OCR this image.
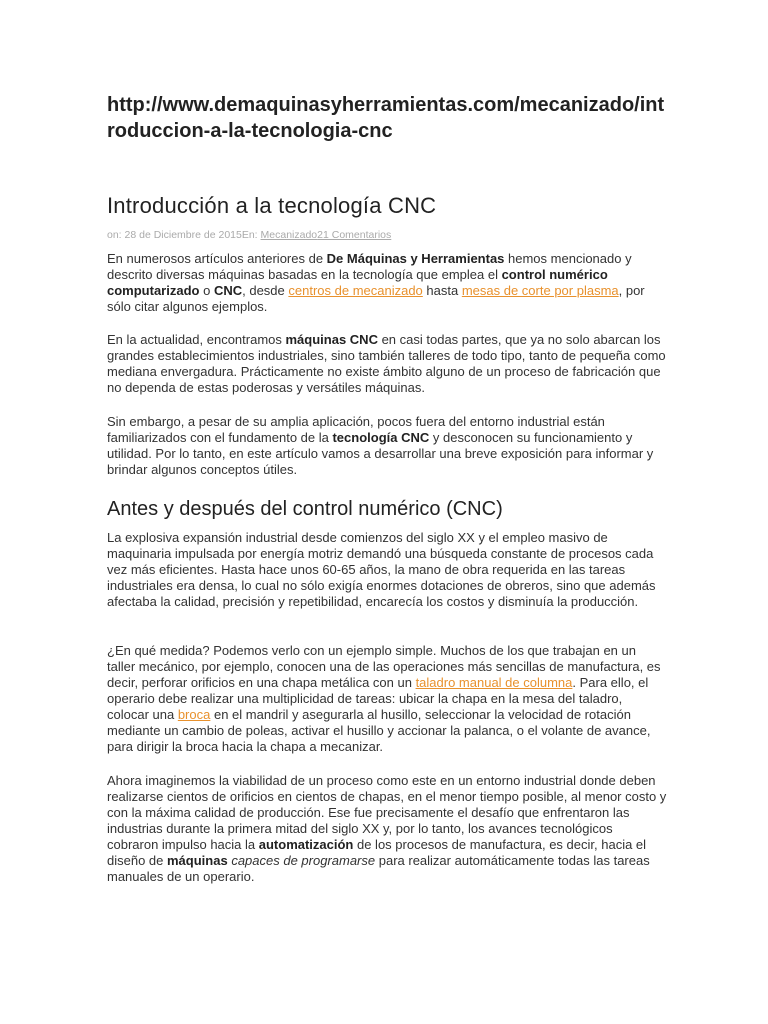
http://www.demaquinasyherramientas.com/mecanizado/introduccion-a-la-tecnologia-cnc
Introducción a la tecnología CNC
on: 28 de Diciembre de 2015En: Mecanizado21 Comentarios

En numerosos artículos anteriores de De Máquinas y Herramientas hemos mencionado y descrito diversas máquinas basadas en la tecnología que emplea el control numérico computarizado o CNC, desde centros de mecanizado hasta mesas de corte por plasma, por sólo citar algunos ejemplos.

En la actualidad, encontramos máquinas CNC en casi todas partes, que ya no solo abarcan los grandes establecimientos industriales, sino también talleres de todo tipo, tanto de pequeña como mediana envergadura. Prácticamente no existe ámbito alguno de un proceso de fabricación que no dependa de estas poderosas y versátiles máquinas.

Sin embargo, a pesar de su amplia aplicación, pocos fuera del entorno industrial están familiarizados con el fundamento de la tecnología CNC y desconocen su funcionamiento y utilidad. Por lo tanto, en este artículo vamos a desarrollar una breve exposición para informar y brindar algunos conceptos útiles.

Antes y después del control numérico (CNC)

La explosiva expansión industrial desde comienzos del siglo XX y el empleo masivo de maquinaria impulsada por energía motriz demandó una búsqueda constante de procesos cada vez más eficientes. Hasta hace unos 60-65 años, la mano de obra requerida en las tareas industriales era densa, lo cual no sólo exigía enormes dotaciones de obreros, sino que además afectaba la calidad, precisión y repetibilidad, encarecía los costos y disminuía la producción.

¿En qué medida? Podemos verlo con un ejemplo simple. Muchos de los que trabajan en un taller mecánico, por ejemplo, conocen una de las operaciones más sencillas de manufactura, es decir, perforar orificios en una chapa metálica con un taladro manual de columna. Para ello, el operario debe realizar una multiplicidad de tareas: ubicar la chapa en la mesa del taladro, colocar una broca en el mandril y asegurarla al husillo, seleccionar la velocidad de rotación mediante un cambio de poleas, activar el husillo y accionar la palanca, o el volante de avance, para dirigir la broca hacia la chapa a mecanizar.

Ahora imaginemos la viabilidad de un proceso como este en un entorno industrial donde deben realizarse cientos de orificios en cientos de chapas, en el menor tiempo posible, al menor costo y con la máxima calidad de producción. Ese fue precisamente el desafío que enfrentaron las industrias durante la primera mitad del siglo XX y, por lo tanto, los avances tecnológicos cobraron impulso hacia la automatización de los procesos de manufactura, es decir, hacia el diseño de máquinas capaces de programarse para realizar automáticamente todas las tareas manuales de un operario.
